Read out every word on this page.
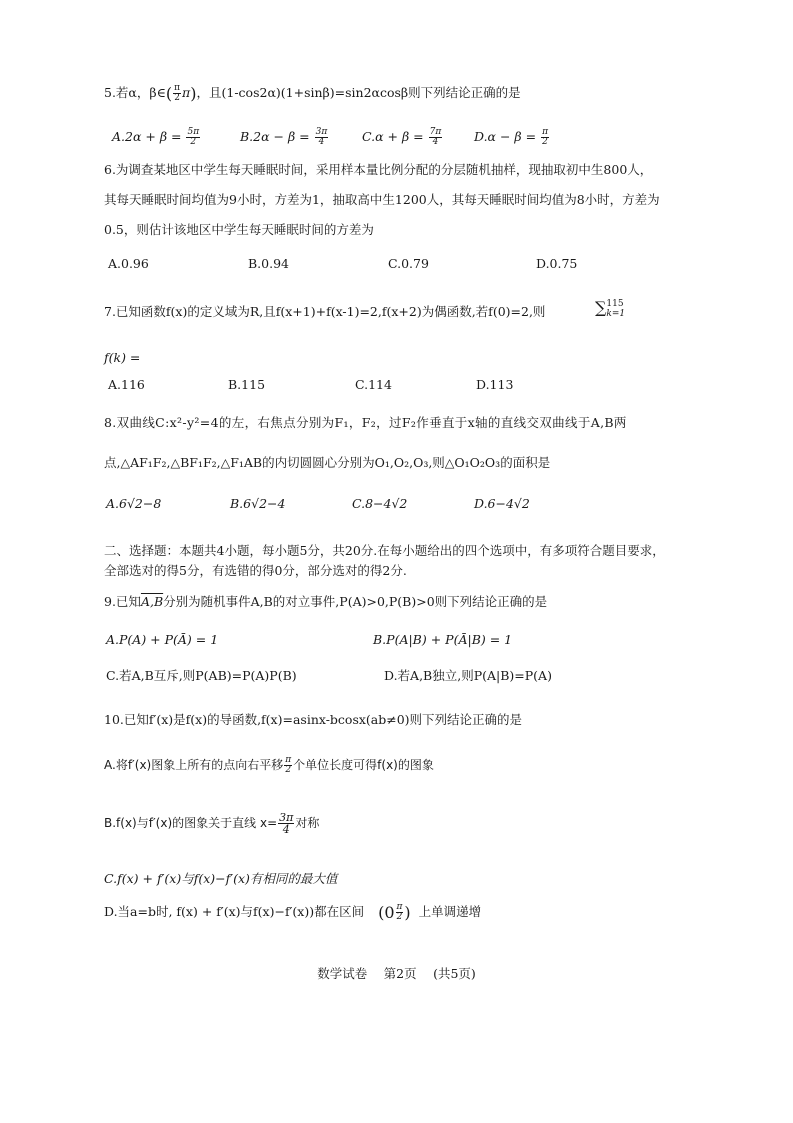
5.若α，β∈( $\frac{\pi}{2} \pi$)，且(1-cos2α)(1+sinβ)=sin2αcosβ则下列结论正确的是
$A.2\alpha + \beta = \frac{5\pi}{2}$	$B.2\alpha - \beta = \frac{3\pi}{4}$	$C.\alpha + \beta = \frac{7\pi}{4}$	$D.\alpha - \beta = \frac{\pi}{2}$
6.为调查某地区中学生每天睡眠时间，采用样本量比例分配的分层随机抽样，现抽取初中生800人，
其每天睡眠时间均值为9小时，方差为1，抽取高中生1200人，其每天睡眠时间均值为8小时，方差为
0.5，则估计该地区中学生每天睡眠时间的方差为
A.0.96	B.0.94	C.0.79	D.0.75
7.已知函数f(x)的定义域为R,且f(x+1)+f(x-1)=2,f(x+2)为偶函数,若f(0)=2,则	∑ 115
k=1
f(k) =
A.116	B.115	C.114	D.113
8.双曲线C:x²-y²=4的左，右焦点分别为F₁，F₂，过F₂作垂直于x轴的直线交双曲线于A,B两
点,△AF₁F₂,△BF₁F₂,△F₁AB的内切圆圆心分别为O₁,O₂,O₃,则△O₁O₂O₃的面积是
A.6√2−8	B.6√2−4	C.8−4√2	D.6−4√2
二、选择题：本题共4小题，每小题5分，共20分.在每小题给出的四个选项中，有多项符合题目要求，
全部选对的得5分，有选错的得0分，部分选对的得2分.
9.已知A,B分别为随机事件A,B的对立事件,P(A)>0,P(B)>0则下列结论正确的是
A.P(A) + P(Ā) = 1	B.P(A|B) + P(Ā|B) = 1
C.若A,B互斥,则P(AB)=P(A)P(B)	D.若A,B独立,则P(A|B)=P(A)
10.已知f′(x)是f(x)的导函数,f(x)=asinx-bcosx(ab≠0)则下列结论正确的是
A.将f′(x)图象上所有的点向右平移 $\frac{\pi}{2}$ 个单位长度可得f(x)的图象
B.f(x)与f′(x)的图象关于直线 $x= \frac{3\pi}{4}$ 对称
C.f(x) + f′(x)与f(x)−f′(x)有相同的最大值
D.当a=b时, f(x) + f′(x)与f(x)−f′(x))都在区间 ($0 \frac{\pi}{2}$ ) 上单调递增
数学试卷　 第2页　 (共5页)
